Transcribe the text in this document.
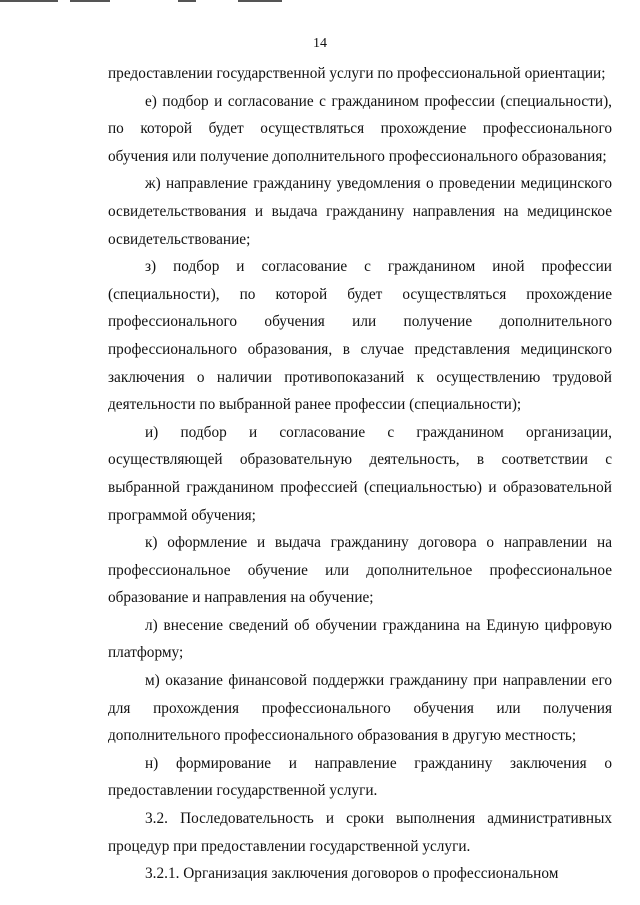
14

предоставлении государственной услуги по профессиональной ориентации;

е) подбор и согласование с гражданином профессии (специальности), по которой будет осуществляться прохождение профессионального обучения или получение дополнительного профессионального образования;

ж) направление гражданину уведомления о проведении медицинского освидетельствования и выдача гражданину направления на медицинское освидетельствование;

з) подбор и согласование с гражданином иной профессии (специальности), по которой будет осуществляться прохождение профессионального обучения или получение дополнительного профессионального образования, в случае представления медицинского заключения о наличии противопоказаний к осуществлению трудовой деятельности по выбранной ранее профессии (специальности);

и) подбор и согласование с гражданином организации, осуществляющей образовательную деятельность, в соответствии с выбранной гражданином профессией (специальностью) и образовательной программой обучения;

к) оформление и выдача гражданину договора о направлении на профессиональное обучение или дополнительное профессиональное образование и направления на обучение;

л) внесение сведений об обучении гражданина на Единую цифровую платформу;

м) оказание финансовой поддержки гражданину при направлении его для прохождения профессионального обучения или получения дополнительного профессионального образования в другую местность;

н) формирование и направление гражданину заключения о предоставлении государственной услуги.

3.2. Последовательность и сроки выполнения административных процедур при предоставлении государственной услуги.

3.2.1. Организация заключения договоров о профессиональном
